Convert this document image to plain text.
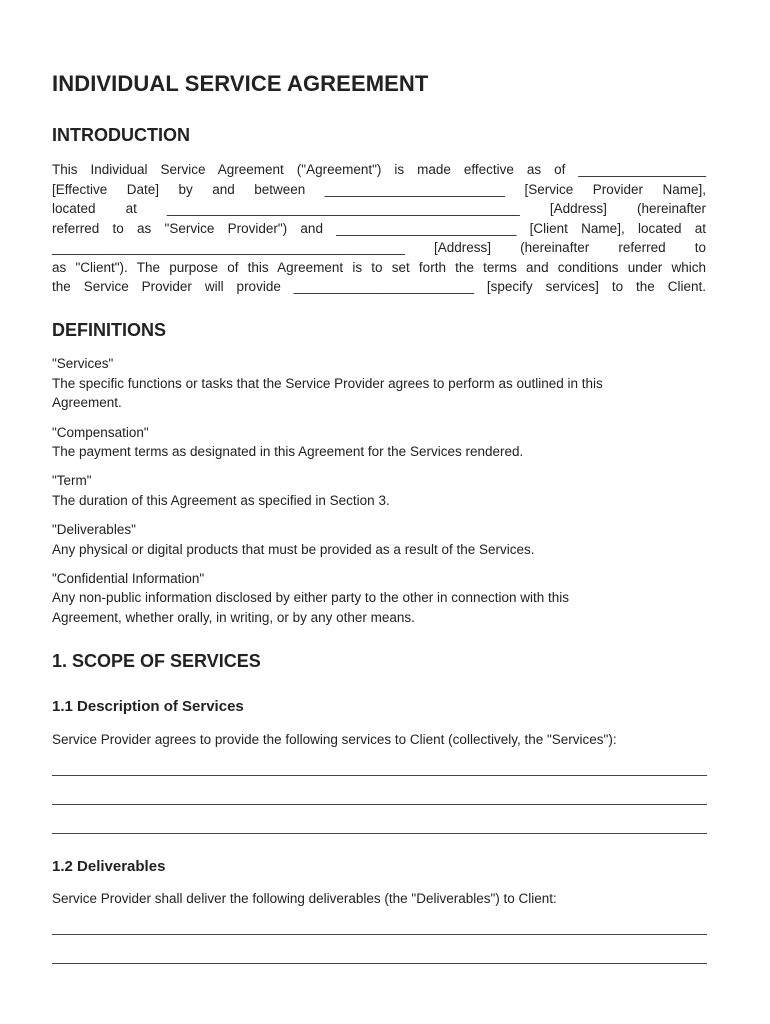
INDIVIDUAL SERVICE AGREEMENT
INTRODUCTION
This Individual Service Agreement ("Agreement") is made effective as of _________________
[Effective Date] by and between ________________________ [Service Provider Name],
located at _______________________________________________ [Address] (hereinafter
referred to as "Service Provider") and ________________________ [Client Name], located at
_______________________________________________ [Address] (hereinafter referred to
as "Client"). The purpose of this Agreement is to set forth the terms and conditions under which
the Service Provider will provide ________________________ [specify services] to the Client.
DEFINITIONS
"Services"
The specific functions or tasks that the Service Provider agrees to perform as outlined in this
Agreement.
"Compensation"
The payment terms as designated in this Agreement for the Services rendered.
"Term"
The duration of this Agreement as specified in Section 3.
"Deliverables"
Any physical or digital products that must be provided as a result of the Services.
"Confidential Information"
Any non-public information disclosed by either party to the other in connection with this
Agreement, whether orally, in writing, or by any other means.
1. SCOPE OF SERVICES
1.1 Description of Services
Service Provider agrees to provide the following services to Client (collectively, the "Services"):
1.2 Deliverables
Service Provider shall deliver the following deliverables (the "Deliverables") to Client:
